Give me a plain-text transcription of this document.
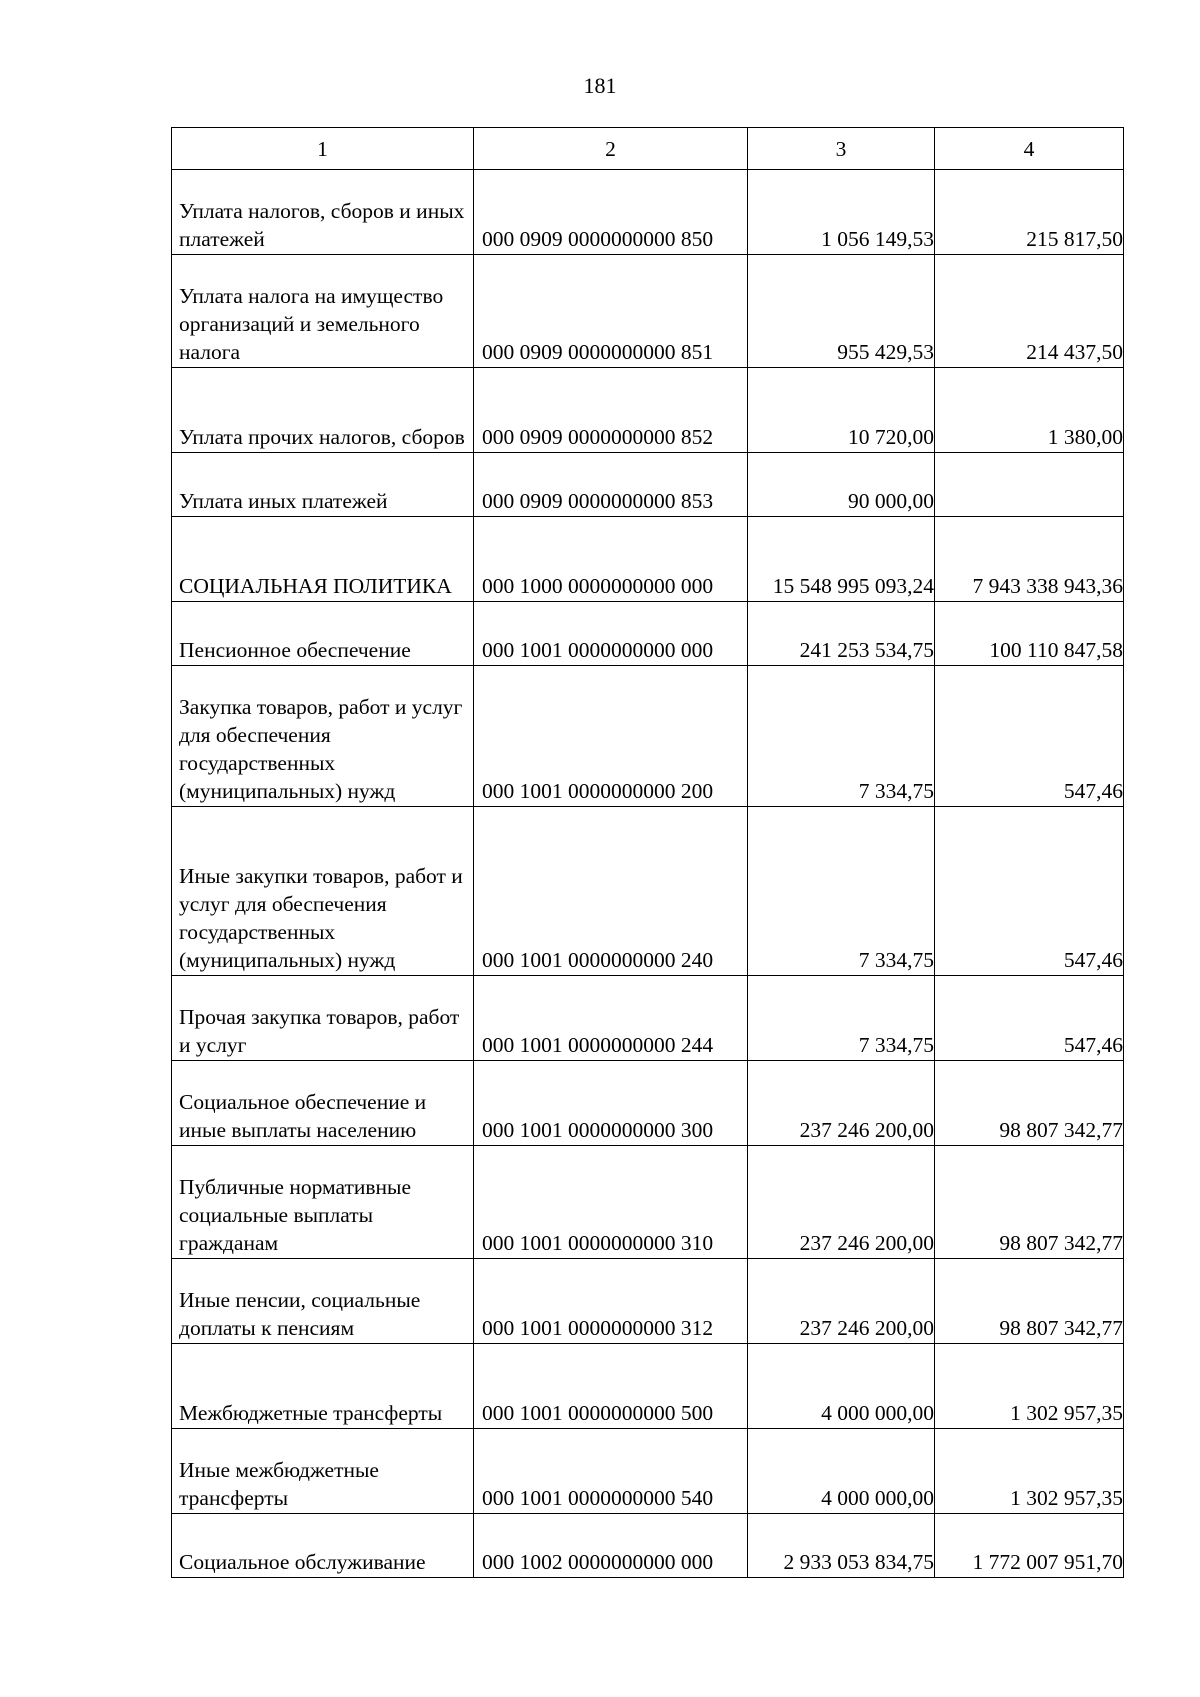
181
1	2	3	4
Уплата налогов, сборов и иных платежей	000 0909 0000000000 850	1 056 149,53	215 817,50
Уплата налога на имущество организаций и земельного налога	000 0909 0000000000 851	955 429,53	214 437,50
Уплата прочих налогов, сборов	000 0909 0000000000 852	10 720,00	1 380,00
Уплата иных платежей	000 0909 0000000000 853	90 000,00	
СОЦИАЛЬНАЯ ПОЛИТИКА	000 1000 0000000000 000	15 548 995 093,24	7 943 338 943,36
Пенсионное обеспечение	000 1001 0000000000 000	241 253 534,75	100 110 847,58
Закупка товаров, работ и услуг для обеспечения государственных (муниципальных) нужд	000 1001 0000000000 200	7 334,75	547,46
Иные закупки товаров, работ и услуг для обеспечения государственных (муниципальных) нужд	000 1001 0000000000 240	7 334,75	547,46
Прочая закупка товаров, работ и услуг	000 1001 0000000000 244	7 334,75	547,46
Социальное обеспечение и иные выплаты населению	000 1001 0000000000 300	237 246 200,00	98 807 342,77
Публичные нормативные социальные выплаты гражданам	000 1001 0000000000 310	237 246 200,00	98 807 342,77
Иные пенсии, социальные доплаты к пенсиям	000 1001 0000000000 312	237 246 200,00	98 807 342,77
Межбюджетные трансферты	000 1001 0000000000 500	4 000 000,00	1 302 957,35
Иные межбюджетные трансферты	000 1001 0000000000 540	4 000 000,00	1 302 957,35
Социальное обслуживание	000 1002 0000000000 000	2 933 053 834,75	1 772 007 951,70
